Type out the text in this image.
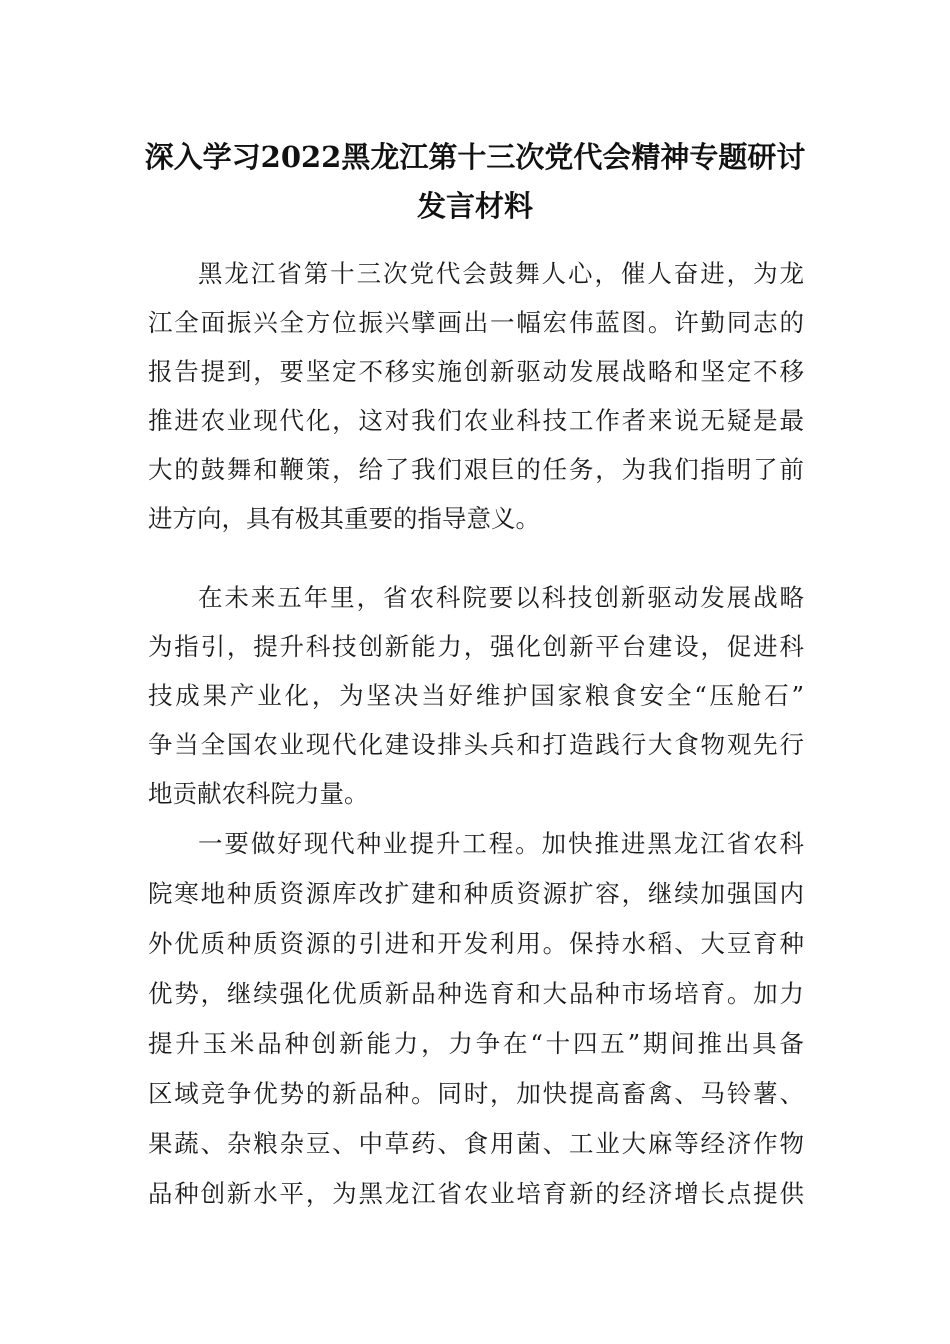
深入学习2022黑龙江第十三次党代会精神专题研讨
发言材料
黑龙江省第十三次党代会鼓舞人心，催人奋进，为龙
江全面振兴全方位振兴擘画出一幅宏伟蓝图。许勤同志的
报告提到，要坚定不移实施创新驱动发展战略和坚定不移
推进农业现代化，这对我们农业科技工作者来说无疑是最
大的鼓舞和鞭策，给了我们艰巨的任务，为我们指明了前
进方向，具有极其重要的指导意义。
在未来五年里，省农科院要以科技创新驱动发展战略
为指引，提升科技创新能力，强化创新平台建设，促进科
技成果产业化，为坚决当好维护国家粮食安全“压舱石”
争当全国农业现代化建设排头兵和打造践行大食物观先行
地贡献农科院力量。
一要做好现代种业提升工程。加快推进黑龙江省农科
院寒地种质资源库改扩建和种质资源扩容，继续加强国内
外优质种质资源的引进和开发利用。保持水稻、大豆育种
优势，继续强化优质新品种选育和大品种市场培育。加力
提升玉米品种创新能力，力争在“十四五”期间推出具备
区域竞争优势的新品种。同时，加快提高畜禽、马铃薯、
果蔬、杂粮杂豆、中草药、食用菌、工业大麻等经济作物
品种创新水平，为黑龙江省农业培育新的经济增长点提供
